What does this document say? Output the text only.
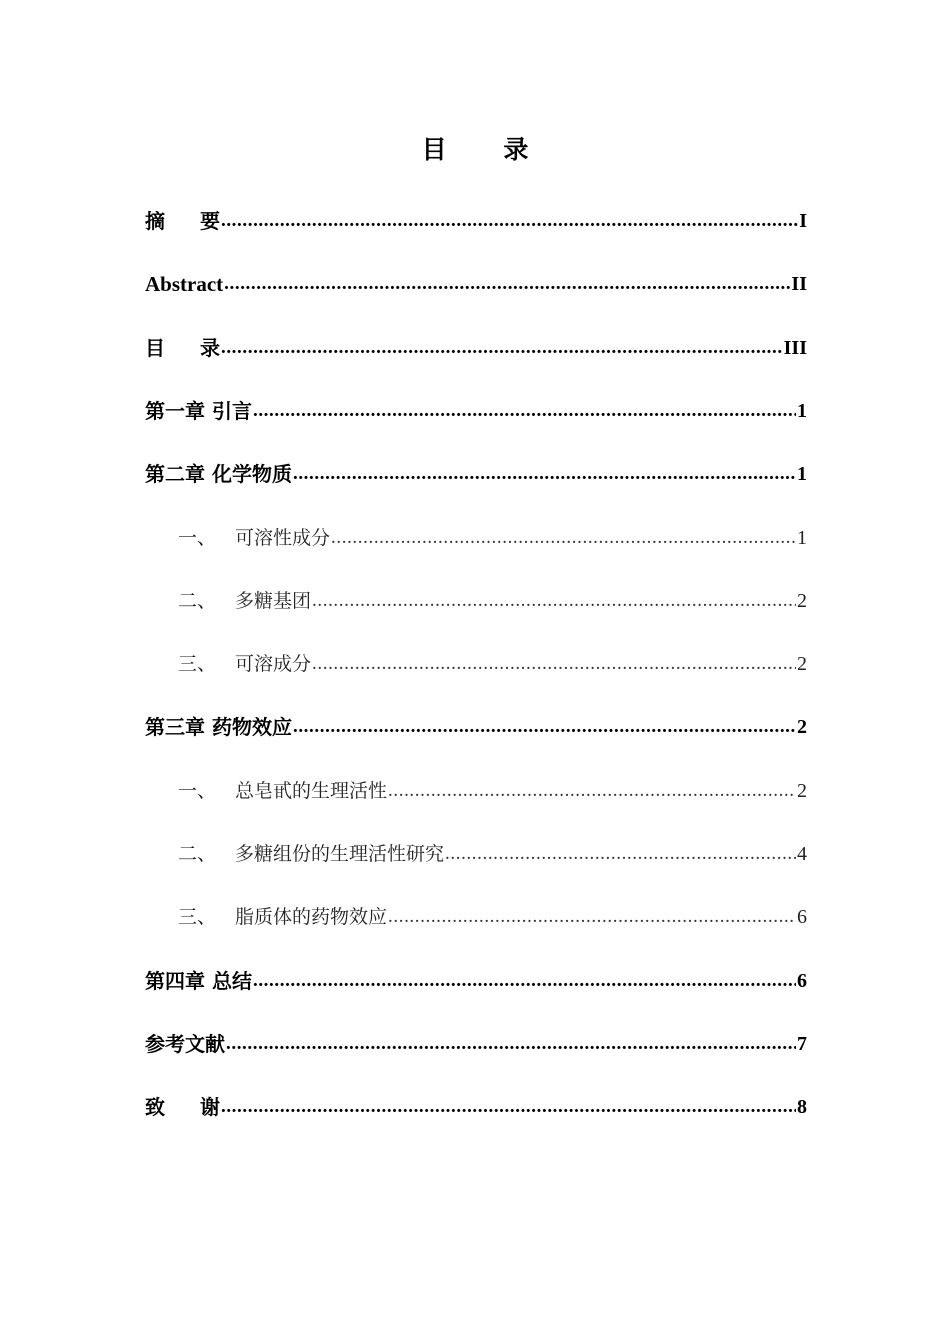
目 录
摘 要 .....	I
Abstract .....	II
目 录 .....	III
第一章 引言 .....	1
第二章 化学物质 .....	1
一、 可溶性成分 .....	1
二、 多糖基团 .....	2
三、 可溶成分 .....	2
第三章 药物效应 .....	2
一、 总皂甙的生理活性 .....	2
二、 多糖组份的生理活性研究 .....	4
三、 脂质体的药物效应 .....	6
第四章 总结 .....	6
参考文献 .....	7
致 谢 .....	8
